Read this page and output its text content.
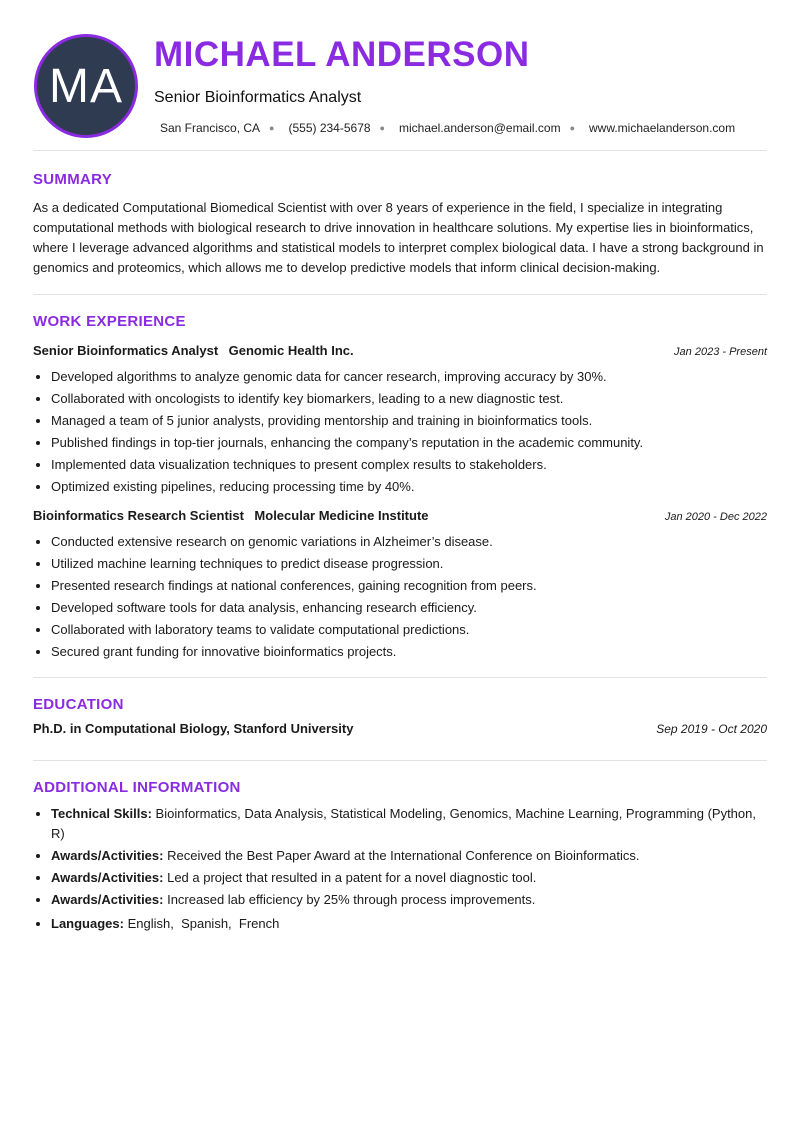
MA
MICHAEL ANDERSON
Senior Bioinformatics Analyst
San Francisco, CA ● (555) 234-5678 ● michael.anderson@email.com ● www.michaelanderson.com
SUMMARY

As a dedicated Computational Biomedical Scientist with over 8 years of experience in the field, I specialize in integrating computational methods with biological research to drive innovation in healthcare solutions. My expertise lies in bioinformatics, where I leverage advanced algorithms and statistical models to interpret complex biological data. I have a strong background in genomics and proteomics, which allows me to develop predictive models that inform clinical decision-making.

WORK EXPERIENCE
Senior Bioinformatics Analyst Genomic Health Inc.	Jan 2023 - Present
• Developed algorithms to analyze genomic data for cancer research, improving accuracy by 30%.
• Collaborated with oncologists to identify key biomarkers, leading to a new diagnostic test.
• Managed a team of 5 junior analysts, providing mentorship and training in bioinformatics tools.
• Published findings in top-tier journals, enhancing the company’s reputation in the academic community.
• Implemented data visualization techniques to present complex results to stakeholders.
• Optimized existing pipelines, reducing processing time by 40%.
Bioinformatics Research Scientist Molecular Medicine Institute	Jan 2020 - Dec 2022
• Conducted extensive research on genomic variations in Alzheimer’s disease.
• Utilized machine learning techniques to predict disease progression.
• Presented research findings at national conferences, gaining recognition from peers.
• Developed software tools for data analysis, enhancing research efficiency.
• Collaborated with laboratory teams to validate computational predictions.
• Secured grant funding for innovative bioinformatics projects.
EDUCATION
Ph.D. in Computational Biology, Stanford University	Sep 2019 - Oct 2020
ADDITIONAL INFORMATION
• Technical Skills: Bioinformatics, Data Analysis, Statistical Modeling, Genomics, Machine Learning, Programming (Python, R)
• Awards/Activities: Received the Best Paper Award at the International Conference on Bioinformatics.
• Awards/Activities: Led a project that resulted in a patent for a novel diagnostic tool.
• Awards/Activities: Increased lab efficiency by 25% through process improvements.
• Languages: English,  Spanish,  French
